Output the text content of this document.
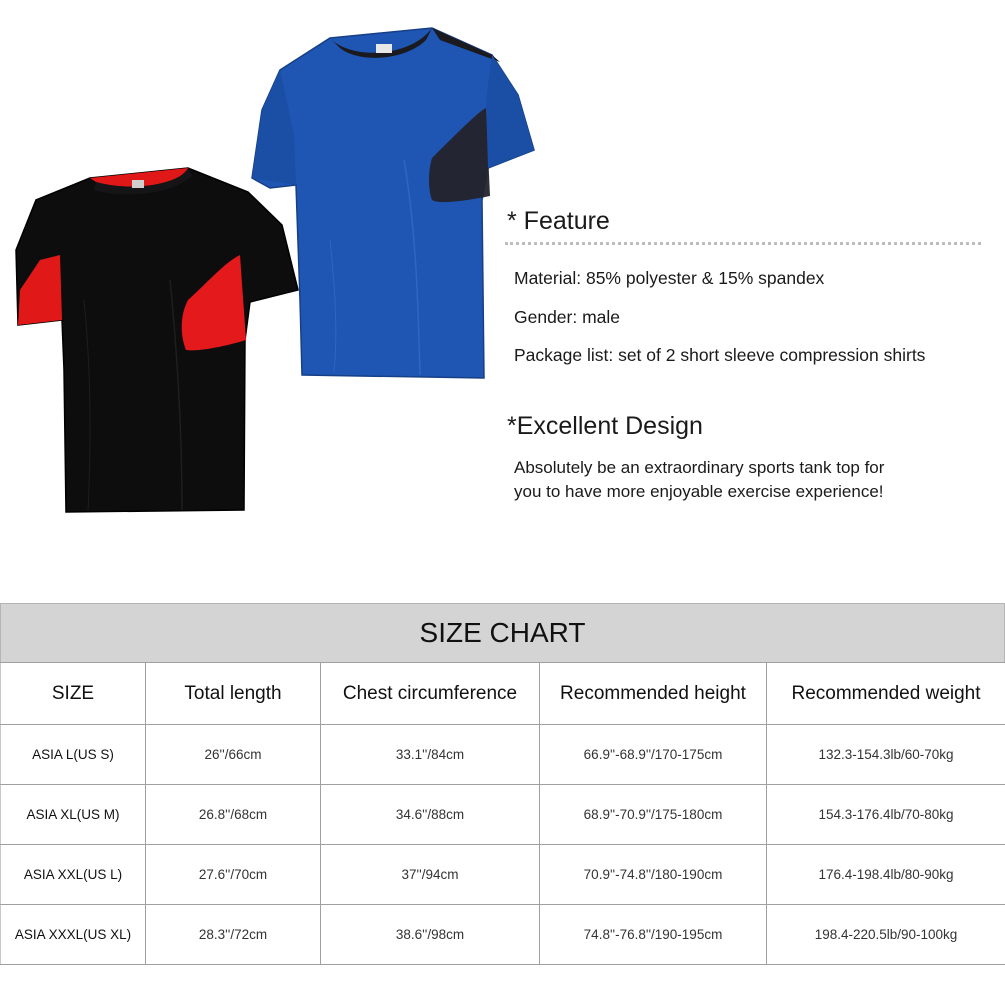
* Feature
Material: 85% polyester & 15% spandex
Gender: male
Package list: set of 2 short sleeve compression shirts
*Excellent Design
Absolutely be an extraordinary sports tank top for
you to have more enjoyable exercise experience!
SIZE CHART
SIZE	Total length	Chest circumference	Recommended height	Recommended weight
ASIA L(US S)	26''/66cm	33.1''/84cm	66.9''-68.9''/170-175cm	132.3-154.3lb/60-70kg
ASIA XL(US M)	26.8''/68cm	34.6''/88cm	68.9''-70.9''/175-180cm	154.3-176.4lb/70-80kg
ASIA XXL(US L)	27.6''/70cm	37''/94cm	70.9''-74.8''/180-190cm	176.4-198.4lb/80-90kg
ASIA XXXL(US XL)	28.3''/72cm	38.6''/98cm	74.8''-76.8''/190-195cm	198.4-220.5lb/90-100kg
